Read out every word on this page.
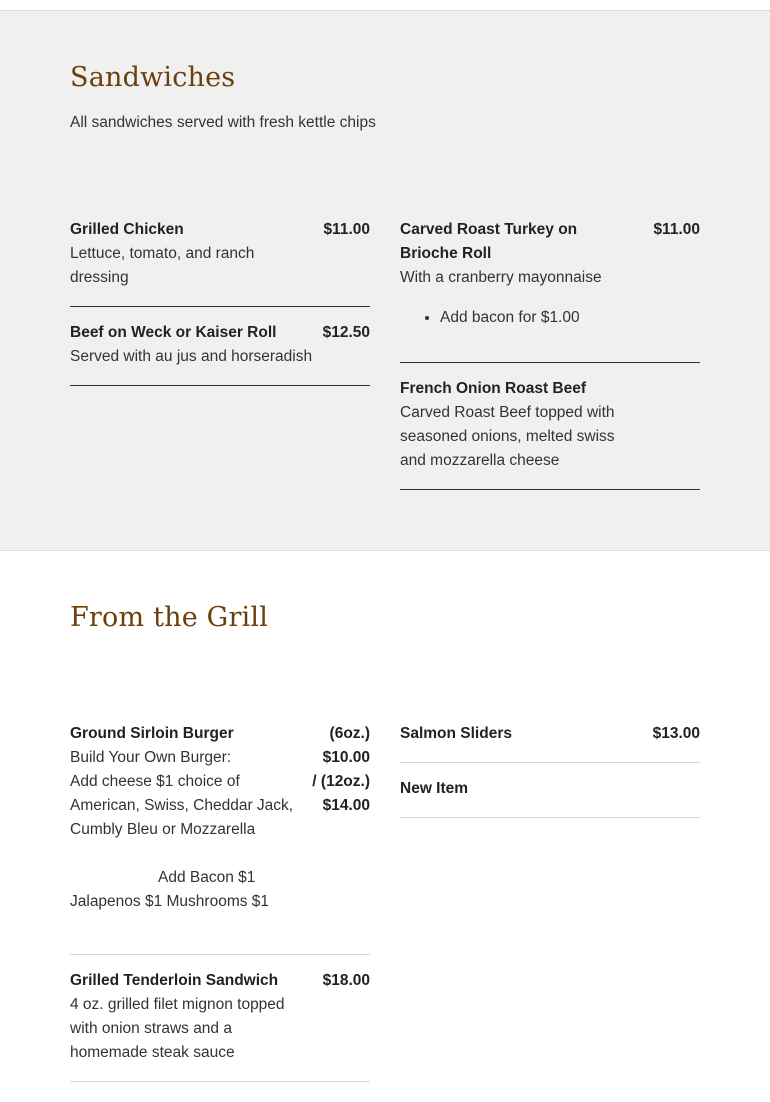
Sandwiches

All sandwiches served with fresh kettle chips

Grilled Chicken	$11.00
Lettuce, tomato, and ranch dressing
Beef on Weck or Kaiser Roll	$12.50
Served with au jus and horseradish
Carved Roast Turkey on Brioche Roll
$11.00
With a cranberry mayonnaise
• Add bacon for $1.00
French Onion Roast Beef
Carved Roast Beef topped with seasoned onions, melted swiss and mozzarella cheese
From the Grill
Ground Sirloin Burger
Build Your Own Burger:
Add cheese $1 choice of American, Swiss, Cheddar Jack, Cumbly Bleu or Mozzarella
(6oz.)
$10.00
/ (12oz.)
$14.00
Add Bacon $1
Jalapenos $1 Mushrooms $1
Grilled Tenderloin Sandwich	$18.00
4 oz. grilled filet mignon topped with onion straws and a homemade steak sauce
Salmon Sliders	$13.00
New Item
